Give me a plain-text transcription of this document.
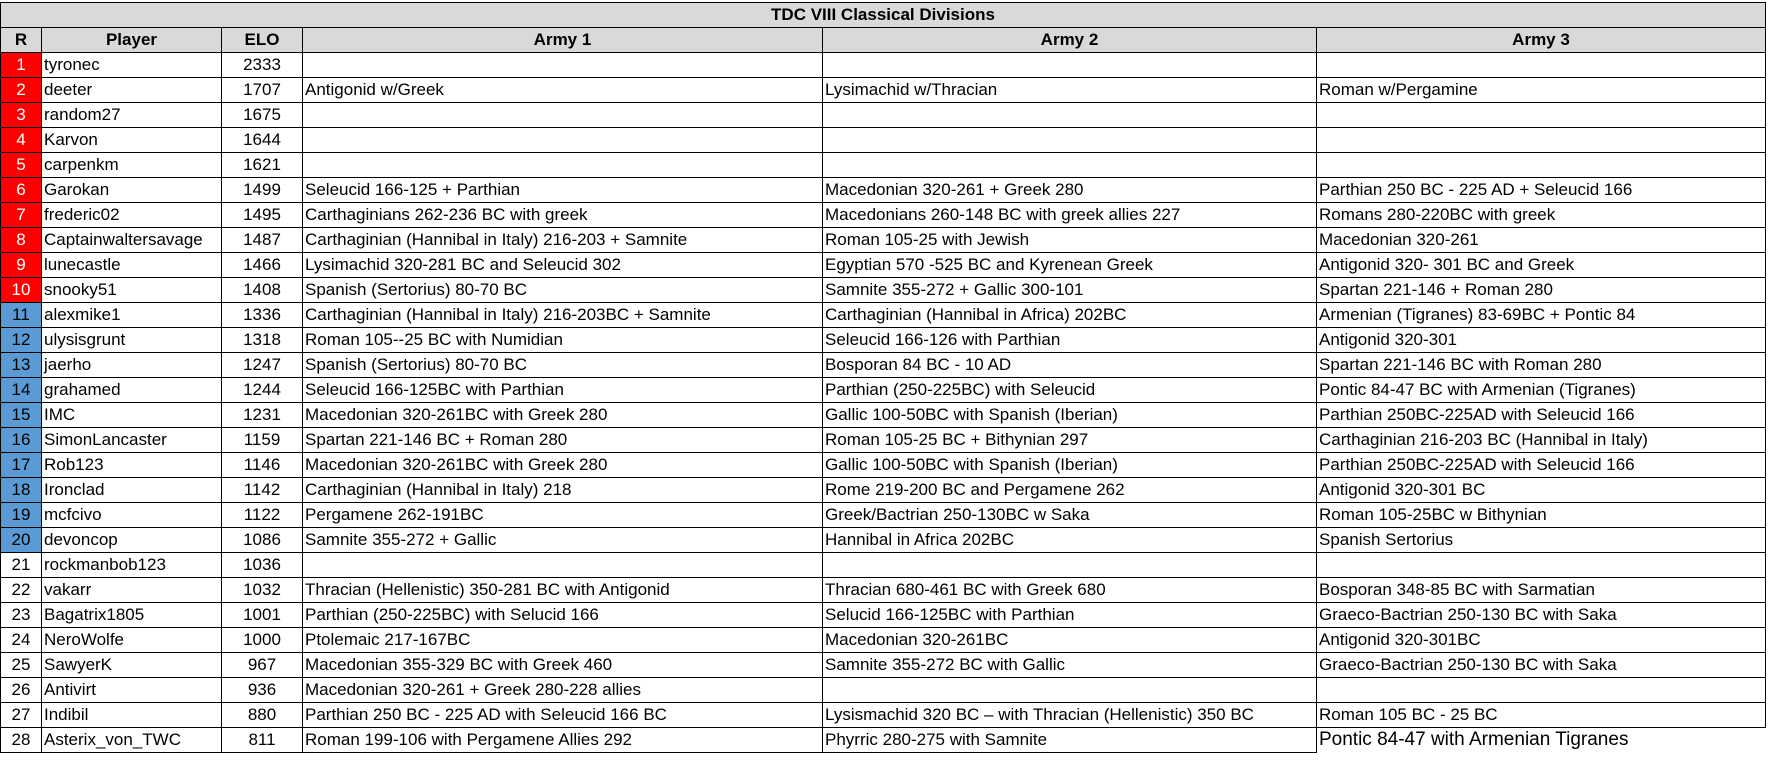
TDC VIII Classical Divisions					
R	Player	ELO	Army 1	Army 2	Army 3
1	tyronec	2333			
2	deeter	1707	Antigonid w/Greek	Lysimachid w/Thracian	Roman w/Pergamine
3	random27	1675			
4	Karvon	1644			
5	carpenkm	1621			
6	Garokan	1499	Seleucid 166-125 + Parthian	Macedonian 320-261 + Greek 280	Parthian 250 BC - 225 AD + Seleucid 166
7	frederic02	1495	Carthaginians 262-236 BC with greek	Macedonians 260-148 BC with greek allies 227	Romans 280-220BC with greek
8	Captainwaltersavage	1487	Carthaginian (Hannibal in Italy) 216-203 + Samnite	Roman 105-25 with Jewish	Macedonian 320-261
9	lunecastle	1466	Lysimachid 320-281 BC and Seleucid 302	Egyptian 570 -525 BC and Kyrenean Greek	Antigonid 320- 301 BC and Greek
10	snooky51	1408	Spanish (Sertorius) 80-70 BC	Samnite 355-272 + Gallic 300-101	Spartan 221-146 + Roman 280
11	alexmike1	1336	Carthaginian (Hannibal in Italy) 216-203BC + Samnite	Carthaginian (Hannibal in Africa) 202BC	Armenian (Tigranes) 83-69BC + Pontic 84
12	ulysisgrunt	1318	Roman 105--25 BC with Numidian	Seleucid 166-126 with Parthian	Antigonid 320-301
13	jaerho	1247	Spanish (Sertorius) 80-70 BC	Bosporan 84 BC - 10 AD	Spartan 221-146 BC with Roman 280
14	grahamed	1244	Seleucid 166-125BC with Parthian	Parthian (250-225BC) with Seleucid	Pontic 84-47 BC with Armenian (Tigranes)
15	IMC	1231	Macedonian 320-261BC with Greek 280	Gallic 100-50BC with Spanish (Iberian)	Parthian 250BC-225AD with Seleucid 166
16	SimonLancaster	1159	Spartan 221-146 BC + Roman 280	Roman 105-25 BC + Bithynian 297	Carthaginian 216-203 BC (Hannibal in Italy)
17	Rob123	1146	Macedonian 320-261BC with Greek 280	Gallic 100-50BC with Spanish (Iberian)	Parthian 250BC-225AD with Seleucid 166
18	Ironclad	1142	Carthaginian (Hannibal in Italy) 218	Rome 219-200 BC and Pergamene 262	Antigonid 320-301 BC
19	mcfcivo	1122	Pergamene 262-191BC	Greek/Bactrian 250-130BC w Saka	Roman 105-25BC w Bithynian
20	devoncop	1086	Samnite 355-272 + Gallic	Hannibal in Africa 202BC	Spanish Sertorius
21	rockmanbob123	1036			
22	vakarr	1032	Thracian (Hellenistic) 350-281 BC with Antigonid	Thracian 680-461 BC with Greek 680	Bosporan 348-85 BC with Sarmatian
23	Bagatrix1805	1001	Parthian (250-225BC) with Selucid 166	Selucid 166-125BC with Parthian	Graeco-Bactrian 250-130 BC with Saka
24	NeroWolfe	1000	Ptolemaic 217-167BC	Macedonian 320-261BC	Antigonid 320-301BC
25	SawyerK	967	Macedonian 355-329 BC with Greek 460	Samnite 355-272 BC with Gallic	Graeco-Bactrian 250-130 BC with Saka
26	Antivirt	936	Macedonian 320-261 + Greek 280-228 allies		
27	Indibil	880	Parthian 250 BC - 225 AD with Seleucid 166 BC	Lysismachid 320 BC – with Thracian (Hellenistic) 350 BC	Roman 105 BC - 25 BC
28	Asterix_von_TWC	811	Roman 199-106 with Pergamene Allies 292	Phyrric 280-275 with Samnite	Pontic 84-47 with Armenian Tigranes
